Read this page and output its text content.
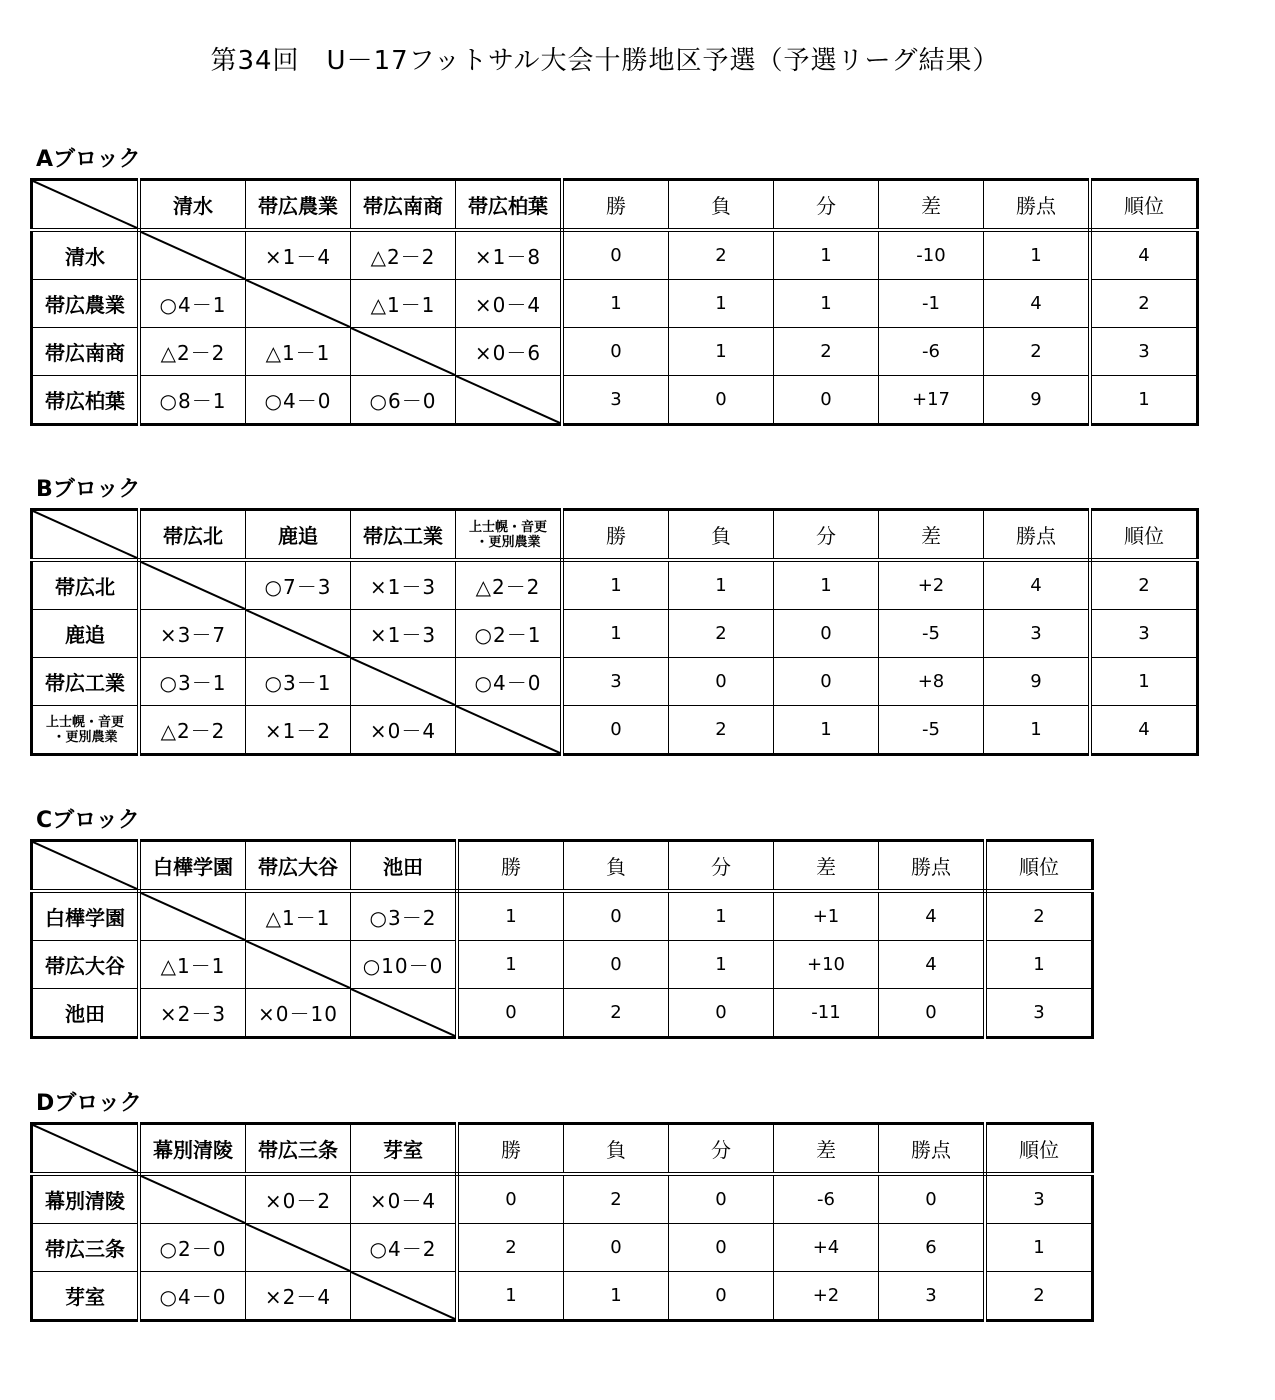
第34回　U－17フットサル大会十勝地区予選（予選リーグ結果）
Aブロック
	清水	帯広農業	帯広南商	帯広柏葉	勝	負	分	差	勝点	順位
清水		×1－4	△2－2	×1－8	0	2	1	-10	1	4
帯広農業	○4－1		△1－1	×0－4	1	1	1	-1	4	2
帯広南商	△2－2	△1－1		×0－6	0	1	2	-6	2	3
帯広柏葉	○8－1	○4－0	○6－0		3	0	0	+17	9	1
Bブロック
	帯広北	鹿追	帯広工業	上士幌・音更
・更別農業	勝	負	分	差	勝点	順位
帯広北		○7－3	×1－3	△2－2	1	1	1	+2	4	2
鹿追	×3－7		×1－3	○2－1	1	2	0	-5	3	3
帯広工業	○3－1	○3－1		○4－0	3	0	0	+8	9	1

上士幌・音更
・更別農業	△2－2	×1－2	×0－4		0	2	1	-5	1	4
Cブロック
	白樺学園	帯広大谷	池田	勝	負	分	差	勝点	順位
白樺学園		△1－1	○3－2	1	0	1	+1	4	2
帯広大谷	△1－1		○10－0	1	0	1	+10	4	1
池田	×2－3	×0－10		0	2	0	-11	0	3
Dブロック
	幕別清陵	帯広三条	芽室	勝	負	分	差	勝点	順位
幕別清陵		×0－2	×0－4	0	2	0	-6	0	3
帯広三条	○2－0		○4－2	2	0	0	+4	6	1
芽室	○4－0	×2－4		1	1	0	+2	3	2
